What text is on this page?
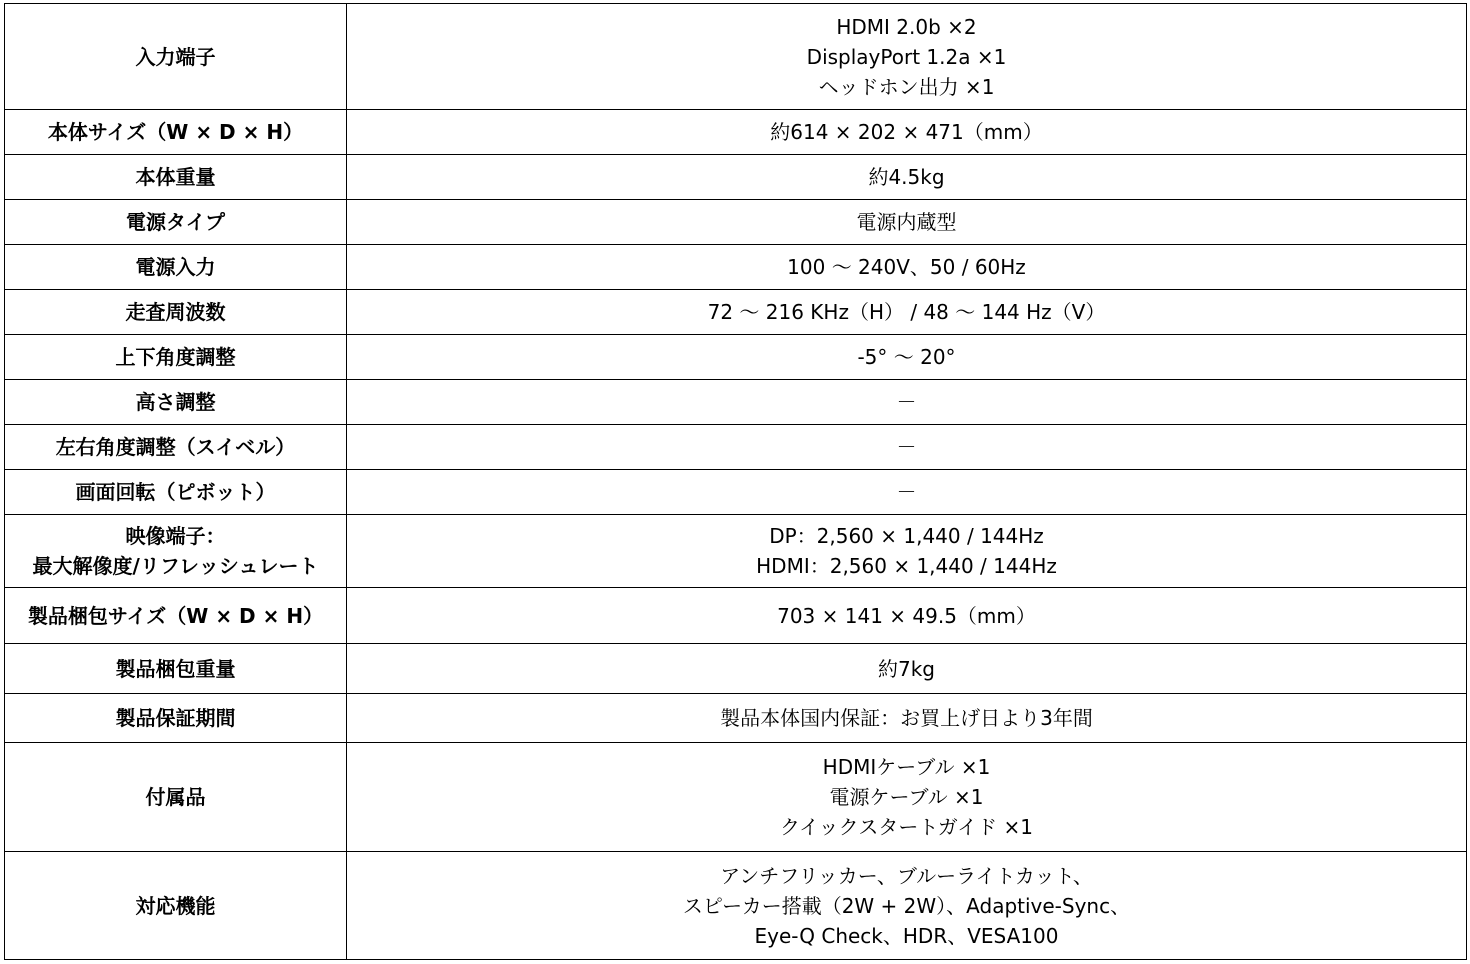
入力端子	HDMI 2.0b ×2
DisplayPort 1.2a ×1
ヘッドホン出力 ×1

本体サイズ（W × D × H）	約614 × 202 × 471（mm）

本体重量	約4.5kg

電源タイプ	電源内蔵型

電源入力	100 ～ 240V、50 / 60Hz

走査周波数	72 ～ 216 KHz（H） / 48 ～ 144 Hz（V）

上下角度調整	-5° ～ 20°

高さ調整	－

左右角度調整（スイベル）	－

画面回転（ピボット）	－

映像端子：
最大解像度/リフレッシュレート	DP：2,560 × 1,440 / 144Hz
HDMI：2,560 × 1,440 / 144Hz

製品梱包サイズ（W × D × H）	703 × 141 × 49.5（mm）

製品梱包重量	約7kg

製品保証期間	製品本体国内保証：お買上げ日より3年間

付属品	HDMIケーブル ×1
電源ケーブル ×1
クイックスタートガイド ×1

対応機能	アンチフリッカー、ブルーライトカット、
スピーカー搭載（2W + 2W）、Adaptive-Sync、
Eye-Q Check、HDR、VESA100
